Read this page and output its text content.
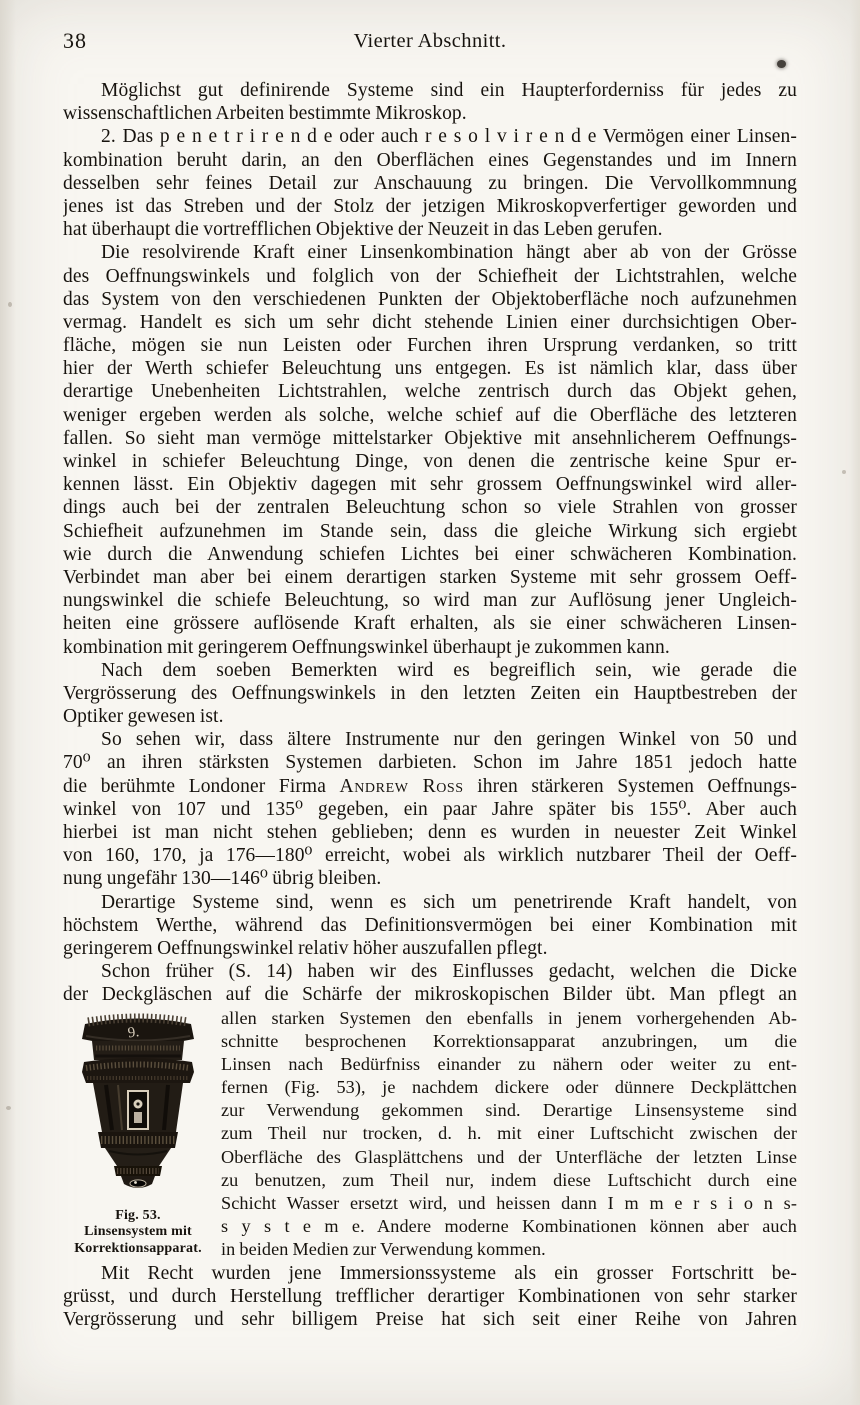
38	Vierter Abschnitt.
Möglichst gut definirende Systeme sind ein Haupterforderniss für jedes zu
wissenschaftlichen Arbeiten bestimmte Mikroskop.
2. Das p e n e t r i r e n d e oder auch r e s o l v i r e n d e Vermögen einer Linsen-
kombination beruht darin, an den Oberflächen eines Gegenstandes und im Innern
desselben sehr feines Detail zur Anschauung zu bringen. Die Vervollkommnung
jenes ist das Streben und der Stolz der jetzigen Mikroskopverfertiger geworden und
hat überhaupt die vortrefflichen Objektive der Neuzeit in das Leben gerufen.
Die resolvirende Kraft einer Linsenkombination hängt aber ab von der Grösse
des Oeffnungswinkels und folglich von der Schiefheit der Lichtstrahlen, welche
das System von den verschiedenen Punkten der Objektoberfläche noch aufzunehmen
vermag. Handelt es sich um sehr dicht stehende Linien einer durchsichtigen Ober-
fläche, mögen sie nun Leisten oder Furchen ihren Ursprung verdanken, so tritt
hier der Werth schiefer Beleuchtung uns entgegen. Es ist nämlich klar, dass über
derartige Unebenheiten Lichtstrahlen, welche zentrisch durch das Objekt gehen,
weniger ergeben werden als solche, welche schief auf die Oberfläche des letzteren
fallen. So sieht man vermöge mittelstarker Objektive mit ansehnlicherem Oeffnungs-
winkel in schiefer Beleuchtung Dinge, von denen die zentrische keine Spur er-
kennen lässt. Ein Objektiv dagegen mit sehr grossem Oeffnungswinkel wird aller-
dings auch bei der zentralen Beleuchtung schon so viele Strahlen von grosser
Schiefheit aufzunehmen im Stande sein, dass die gleiche Wirkung sich ergiebt
wie durch die Anwendung schiefen Lichtes bei einer schwächeren Kombination.
Verbindet man aber bei einem derartigen starken Systeme mit sehr grossem Oeff-
nungswinkel die schiefe Beleuchtung, so wird man zur Auflösung jener Ungleich-
heiten eine grössere auflösende Kraft erhalten, als sie einer schwächeren Linsen-
kombination mit geringerem Oeffnungswinkel überhaupt je zukommen kann.
Nach dem soeben Bemerkten wird es begreiflich sein, wie gerade die
Vergrösserung des Oeffnungswinkels in den letzten Zeiten ein Hauptbestreben der
Optiker gewesen ist.
So sehen wir, dass ältere Instrumente nur den geringen Winkel von 50 und
70⁰ an ihren stärksten Systemen darbieten. Schon im Jahre 1851 jedoch hatte
die berühmte Londoner Firma Andrew Ross ihren stärkeren Systemen Oeffnungs-
winkel von 107 und 135⁰ gegeben, ein paar Jahre später bis 155⁰. Aber auch
hierbei ist man nicht stehen geblieben; denn es wurden in neuester Zeit Winkel
von 160, 170, ja 176—180⁰ erreicht, wobei als wirklich nutzbarer Theil der Oeff-
nung ungefähr 130—146⁰ übrig bleiben.
Derartige Systeme sind, wenn es sich um penetrirende Kraft handelt, von
höchstem Werthe, während das Definitionsvermögen bei einer Kombination mit
geringerem Oeffnungswinkel relativ höher auszufallen pflegt.
Schon früher (S. 14) haben wir des Einflusses gedacht, welchen die Dicke
der Deckgläschen auf die Schärfe der mikroskopischen Bilder übt. Man pflegt an
9.
Fig. 53.
Linsensystem mit
Korrektionsapparat.
allen starken Systemen den ebenfalls in jenem vorhergehenden Ab-
schnitte besprochenen Korrektionsapparat anzubringen, um die
Linsen nach Bedürfniss einander zu nähern oder weiter zu ent-
fernen (Fig. 53), je nachdem dickere oder dünnere Deckplättchen
zur Verwendung gekommen sind. Derartige Linsensysteme sind
zum Theil nur trocken, d. h. mit einer Luftschicht zwischen der
Oberfläche des Glasplättchens und der Unterfläche der letzten Linse
zu benutzen, zum Theil nur, indem diese Luftschicht durch eine
Schicht Wasser ersetzt wird, und heissen dann I m m e r s i o n s-
s y s t e m e. Andere moderne Kombinationen können aber auch
in beiden Medien zur Verwendung kommen.
Mit Recht wurden jene Immersionssysteme als ein grosser Fortschritt be-
grüsst, und durch Herstellung trefflicher derartiger Kombinationen von sehr starker
Vergrösserung und sehr billigem Preise hat sich seit einer Reihe von Jahren
